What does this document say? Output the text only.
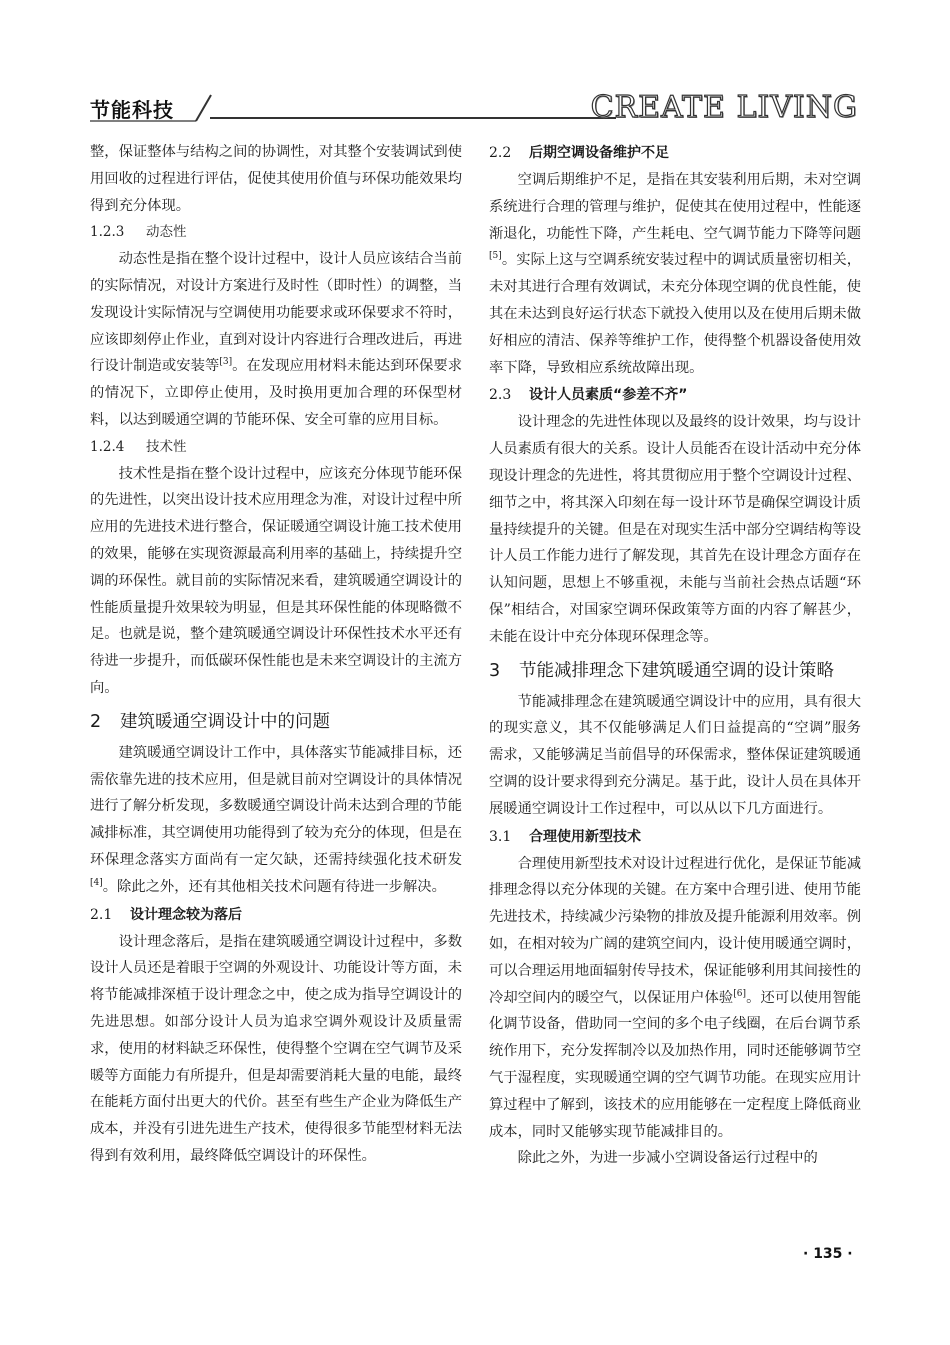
节能科技	CREATE LIVING

整，保证整体与结构之间的协调性，对其整个安装调试到使用回收的过程进行评估，促使其使用价值与环保功能效果均得到充分体现。

1.2.3 动态性

动态性是指在整个设计过程中，设计人员应该结合当前的实际情况，对设计方案进行及时性（即时性）的调整，当发现设计实际情况与空调使用功能要求或环保要求不符时，应该即刻停止作业，直到对设计内容进行合理改进后，再进行设计制造或安装等[3]。在发现应用材料未能达到环保要求的情况下，立即停止使用，及时换用更加合理的环保型材料，以达到暖通空调的节能环保、安全可靠的应用目标。

1.2.4 技术性

技术性是指在整个设计过程中，应该充分体现节能环保的先进性，以突出设计技术应用理念为准，对设计过程中所应用的先进技术进行整合，保证暖通空调设计施工技术使用的效果，能够在实现资源最高利用率的基础上，持续提升空调的环保性。就目前的实际情况来看，建筑暖通空调设计的性能质量提升效果较为明显，但是其环保性能的体现略微不足。也就是说，整个建筑暖通空调设计环保性技术水平还有待进一步提升，而低碳环保性能也是未来空调设计的主流方向。

2 建筑暖通空调设计中的问题

建筑暖通空调设计工作中，具体落实节能减排目标，还需依靠先进的技术应用，但是就目前对空调设计的具体情况进行了解分析发现，多数暖通空调设计尚未达到合理的节能减排标准，其空调使用功能得到了较为充分的体现，但是在环保理念落实方面尚有一定欠缺，还需持续强化技术研发[4]。除此之外，还有其他相关技术问题有待进一步解决。

2.1 设计理念较为落后

设计理念落后，是指在建筑暖通空调设计过程中，多数设计人员还是着眼于空调的外观设计、功能设计等方面，未将节能减排深植于设计理念之中，使之成为指导空调设计的先进思想。如部分设计人员为追求空调外观设计及质量需求，使用的材料缺乏环保性，使得整个空调在空气调节及采暖等方面能力有所提升，但是却需要消耗大量的电能，最终在能耗方面付出更大的代价。甚至有些生产企业为降低生产成本，并没有引进先进生产技术，使得很多节能型材料无法得到有效利用，最终降低空调设计的环保性。

2.2 后期空调设备维护不足

空调后期维护不足，是指在其安装利用后期，未对空调系统进行合理的管理与维护，促使其在使用过程中，性能逐渐退化，功能性下降，产生耗电、空气调节能力下降等问题[5]。实际上这与空调系统安装过程中的调试质量密切相关，未对其进行合理有效调试，未充分体现空调的优良性能，使其在未达到良好运行状态下就投入使用以及在使用后期未做好相应的清洁、保养等维护工作，使得整个机器设备使用效率下降，导致相应系统故障出现。

2.3 设计人员素质“参差不齐”

设计理念的先进性体现以及最终的设计效果，均与设计人员素质有很大的关系。设计人员能否在设计活动中充分体现设计理念的先进性，将其贯彻应用于整个空调设计过程、细节之中，将其深入印刻在每一设计环节是确保空调设计质量持续提升的关键。但是在对现实生活中部分空调结构等设计人员工作能力进行了解发现，其首先在设计理念方面存在认知问题，思想上不够重视，未能与当前社会热点话题“环保”相结合，对国家空调环保政策等方面的内容了解甚少，未能在设计中充分体现环保理念等。

3 节能减排理念下建筑暖通空调的设计策略

节能减排理念在建筑暖通空调设计中的应用，具有很大的现实意义，其不仅能够满足人们日益提高的“空调”服务需求，又能够满足当前倡导的环保需求，整体保证建筑暖通空调的设计要求得到充分满足。基于此，设计人员在具体开展暖通空调设计工作过程中，可以从以下几方面进行。

3.1 合理使用新型技术

合理使用新型技术对设计过程进行优化，是保证节能减排理念得以充分体现的关键。在方案中合理引进、使用节能先进技术，持续减少污染物的排放及提升能源利用效率。例如，在相对较为广阔的建筑空间内，设计使用暖通空调时，可以合理运用地面辐射传导技术，保证能够利用其间接性的冷却空间内的暖空气，以保证用户体验[6]。还可以使用智能化调节设备，借助同一空间的多个电子线圈，在后台调节系统作用下，充分发挥制冷以及加热作用，同时还能够调节空气于湿程度，实现暖通空调的空气调节功能。在现实应用计算过程中了解到，该技术的应用能够在一定程度上降低商业成本，同时又能够实现节能减排目的。

除此之外，为进一步减小空调设备运行过程中的

· 135 ·
